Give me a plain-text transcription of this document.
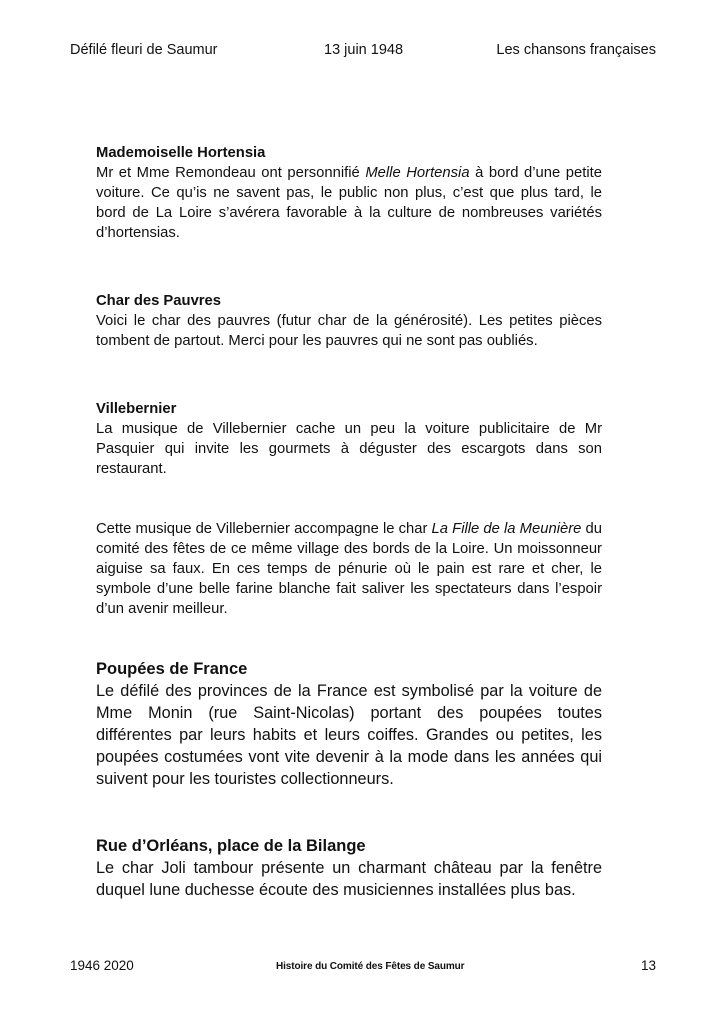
Défilé fleuri de Saumur	13 juin 1948	Les chansons françaises

Mademoiselle Hortensia

Mr et Mme Remondeau ont personnifié Melle Hortensia à bord d’une petite voiture. Ce qu’is ne savent pas, le public non plus, c’est que plus tard, le bord de La Loire s’avérera favorable à la culture de nombreuses variétés d’hortensias.

Char des Pauvres

Voici le char des pauvres (futur char de la générosité). Les petites pièces tombent de partout. Merci pour les pauvres qui ne sont pas oubliés.

Villebernier

La musique de Villebernier cache un peu la voiture publicitaire de Mr Pasquier qui invite les gourmets à déguster des escargots dans son restaurant.

Cette musique de Villebernier accompagne le char La Fille de la Meunière du comité des fêtes de ce même village des bords de la Loire. Un moissonneur aiguise sa faux. En ces temps de pénurie où le pain est rare et cher, le symbole d’une belle farine blanche fait saliver les spectateurs dans l’espoir d’un avenir meilleur.

Poupées de France

Le défilé des provinces de la France est symbolisé par la voiture de Mme Monin (rue Saint-Nicolas) portant des poupées toutes différentes par leurs habits et leurs coiffes. Grandes ou petites, les poupées costumées vont vite devenir à la mode dans les années qui suivent pour les touristes collectionneurs.

Rue d’Orléans, place de la Bilange

Le char Joli tambour présente un charmant château par la fenêtre duquel lune duchesse écoute des musiciennes installées plus bas.

1946 2020	Histoire du Comité des Fêtes de Saumur	13
